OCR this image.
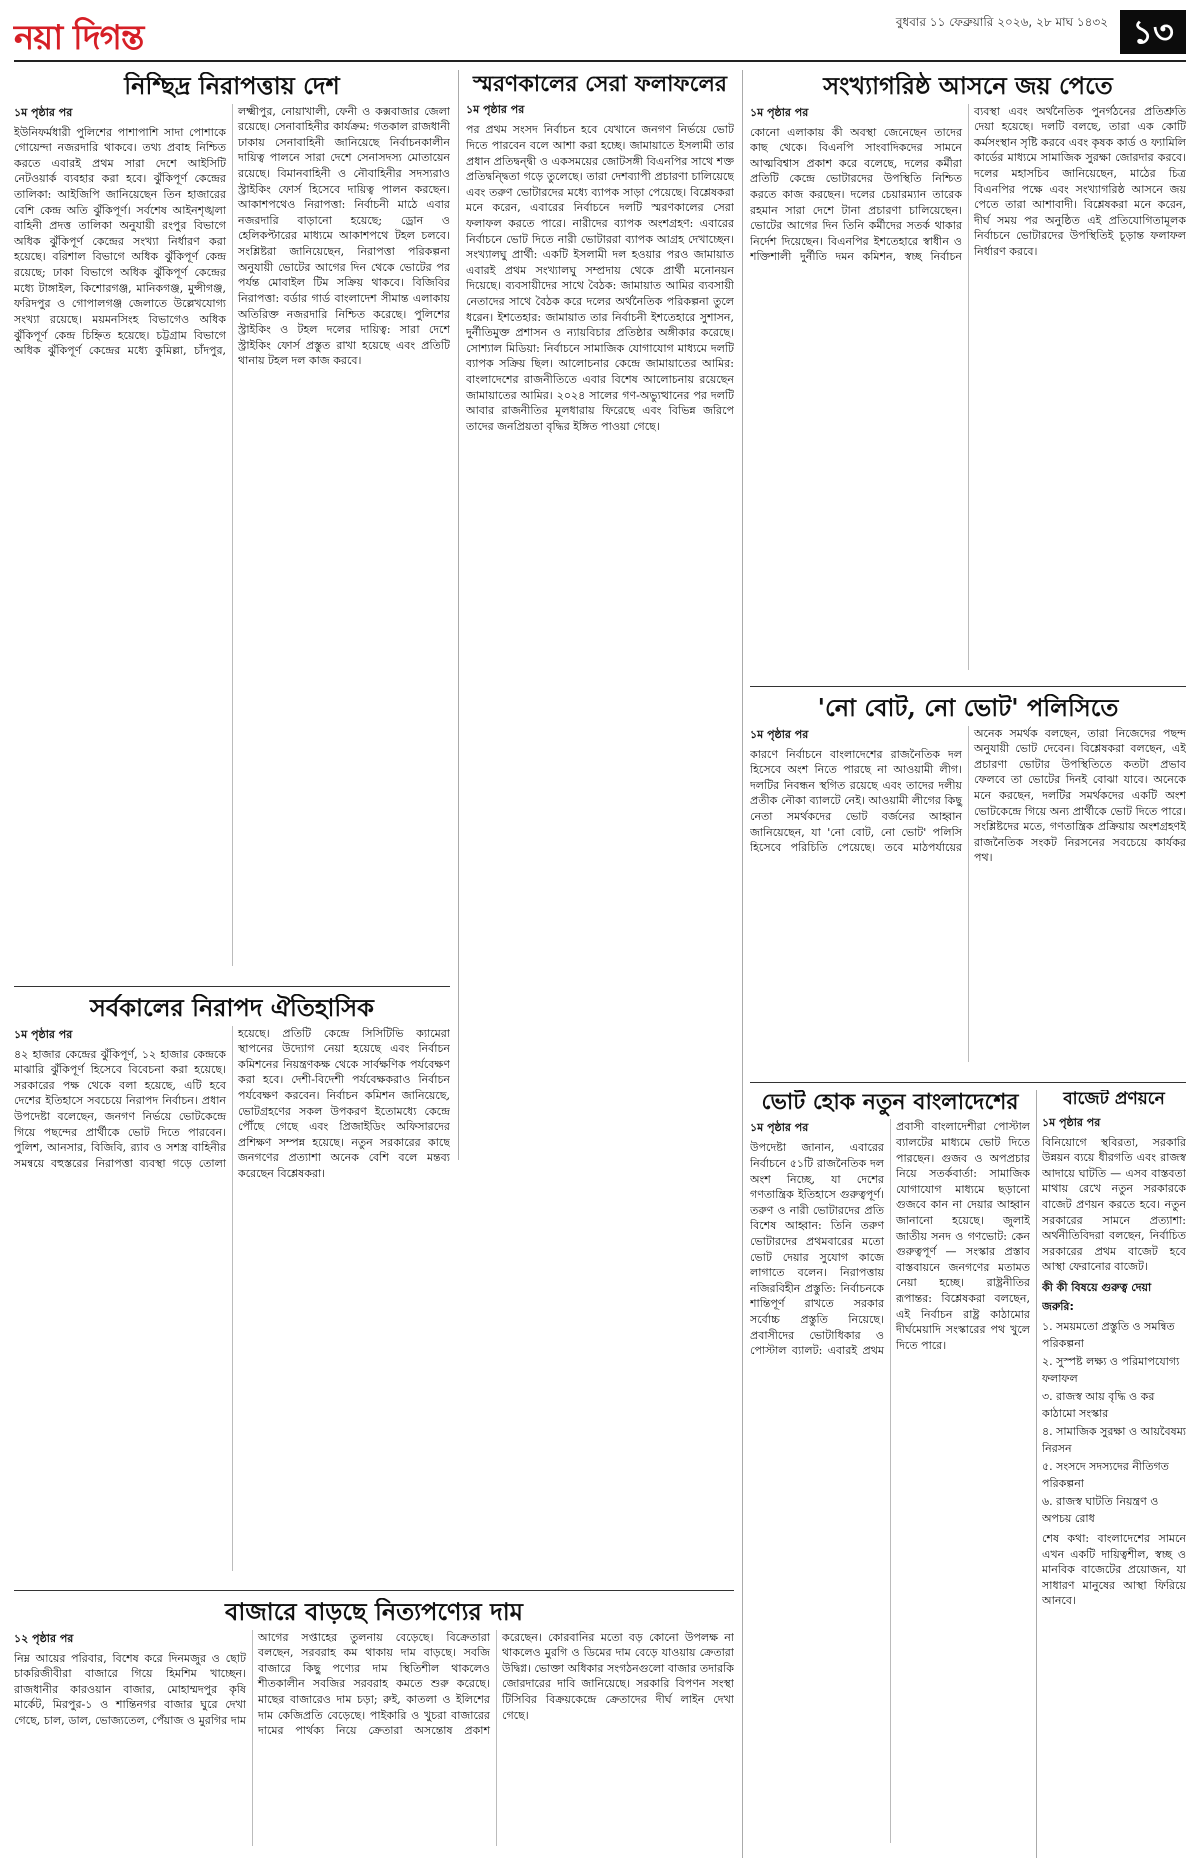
নয়া দিগন্ত	বুধবার ১১ ফেব্রুয়ারি ২০২৬, ২৮ মাঘ ১৪৩২ ১৩
নিশ্ছিদ্র নিরাপত্তায় দেশ
১ম পৃষ্ঠার পর
ইউনিফর্মধারী পুলিশের পাশাপাশি সাদা পোশাকে গোয়েন্দা নজরদারি থাকবে। তথ্য প্রবাহ নিশ্চিত করতে এবারই প্রথম সারা দেশে আইসিটি নেটওয়ার্ক ব্যবহার করা হবে। ঝুঁকিপূর্ণ কেন্দ্রের তালিকা: আইজিপি জানিয়েছেন তিন হাজারের বেশি কেন্দ্র অতি ঝুঁকিপূর্ণ। সর্বশেষ আইনশৃঙ্খলা বাহিনী প্রদত্ত তালিকা অনুযায়ী রংপুর বিভাগে অধিক ঝুঁকিপূর্ণ কেন্দ্রের সংখ্যা নির্ধারণ করা হয়েছে। বরিশাল বিভাগে অধিক ঝুঁকিপূর্ণ কেন্দ্র রয়েছে; ঢাকা বিভাগে অধিক ঝুঁকিপূর্ণ কেন্দ্রের মধ্যে টাঙ্গাইল, কিশোরগঞ্জ, মানিকগঞ্জ, মুন্সীগঞ্জ, ফরিদপুর ও গোপালগঞ্জ জেলাতে উল্লেখযোগ্য সংখ্যা রয়েছে। ময়মনসিংহ বিভাগেও অধিক ঝুঁকিপূর্ণ কেন্দ্র চিহ্নিত হয়েছে। চট্টগ্রাম বিভাগে অধিক ঝুঁকিপূর্ণ কেন্দ্রের মধ্যে কুমিল্লা, চাঁদপুর, লক্ষ্মীপুর, নোয়াখালী, ফেনী ও কক্সবাজার জেলা রয়েছে। সেনাবাহিনীর কার্যক্রম: গতকাল রাজধানী ঢাকায় সেনাবাহিনী জানিয়েছে নির্বাচনকালীন দায়িত্ব পালনে সারা দেশে সেনাসদস্য মোতায়েন রয়েছে। বিমানবাহিনী ও নৌবাহিনীর সদস্যরাও স্ট্রাইকিং ফোর্স হিসেবে দায়িত্ব পালন করছেন। আকাশপথেও নিরাপত্তা: নির্বাচনী মাঠে এবার নজরদারি বাড়ানো হয়েছে; ড্রোন ও হেলিকপ্টারের মাধ্যমে আকাশপথে টহল চলবে। সংশ্লিষ্টরা জানিয়েছেন, নিরাপত্তা পরিকল্পনা অনুযায়ী ভোটের আগের দিন থেকে ভোটের পর পর্যন্ত মোবাইল টিম সক্রিয় থাকবে। বিজিবির নিরাপত্তা: বর্ডার গার্ড বাংলাদেশ সীমান্ত এলাকায় অতিরিক্ত নজরদারি নিশ্চিত করেছে। পুলিশের স্ট্রাইকিং ও টহল দলের দায়িত্ব: সারা দেশে স্ট্রাইকিং ফোর্স প্রস্তুত রাখা হয়েছে এবং প্রতিটি থানায় টহল দল কাজ করবে।
সর্বকালের নিরাপদ ঐতিহাসিক
১ম পৃষ্ঠার পর
৪২ হাজার কেন্দ্রের ঝুঁকিপূর্ণ, ১২ হাজার কেন্দ্রকে মাঝারি ঝুঁকিপূর্ণ হিসেবে বিবেচনা করা হয়েছে। সরকারের পক্ষ থেকে বলা হয়েছে, এটি হবে দেশের ইতিহাসে সবচেয়ে নিরাপদ নির্বাচন। প্রধান উপদেষ্টা বলেছেন, জনগণ নির্ভয়ে ভোটকেন্দ্রে গিয়ে পছন্দের প্রার্থীকে ভোট দিতে পারবেন। পুলিশ, আনসার, বিজিবি, র‍্যাব ও সশস্ত্র বাহিনীর সমন্বয়ে বহুস্তরের নিরাপত্তা ব্যবস্থা গড়ে তোলা হয়েছে। প্রতিটি কেন্দ্রে সিসিটিভি ক্যামেরা স্থাপনের উদ্যোগ নেয়া হয়েছে এবং নির্বাচন কমিশনের নিয়ন্ত্রণকক্ষ থেকে সার্বক্ষণিক পর্যবেক্ষণ করা হবে। দেশী-বিদেশী পর্যবেক্ষকরাও নির্বাচন পর্যবেক্ষণ করবেন। নির্বাচন কমিশন জানিয়েছে, ভোটগ্রহণের সকল উপকরণ ইতোমধ্যে কেন্দ্রে পৌঁছে গেছে এবং প্রিজাইডিং অফিসারদের প্রশিক্ষণ সম্পন্ন হয়েছে। নতুন সরকারের কাছে জনগণের প্রত্যাশা অনেক বেশি বলে মন্তব্য করেছেন বিশ্লেষকরা।
স্মরণকালের সেরা ফলাফলের
১ম পৃষ্ঠার পর
পর প্রথম সংসদ নির্বাচন হবে যেখানে জনগণ নির্ভয়ে ভোট দিতে পারবেন বলে আশা করা হচ্ছে। জামায়াতে ইসলামী তার প্রধান প্রতিদ্বন্দ্বী ও একসময়ের জোটসঙ্গী বিএনপির সাথে শক্ত প্রতিদ্বন্দ্বিতা গড়ে তুলেছে। তারা দেশব্যাপী প্রচারণা চালিয়েছে এবং তরুণ ভোটারদের মধ্যে ব্যাপক সাড়া পেয়েছে। বিশ্লেষকরা মনে করেন, এবারের নির্বাচনে দলটি স্মরণকালের সেরা ফলাফল করতে পারে। নারীদের ব্যাপক অংশগ্রহণ: এবারের নির্বাচনে ভোট দিতে নারী ভোটাররা ব্যাপক আগ্রহ দেখাচ্ছেন। সংখ্যালঘু প্রার্থী: একটি ইসলামী দল হওয়ার পরও জামায়াত এবারই প্রথম সংখ্যালঘু সম্প্রদায় থেকে প্রার্থী মনোনয়ন দিয়েছে। ব্যবসায়ীদের সাথে বৈঠক: জামায়াত আমির ব্যবসায়ী নেতাদের সাথে বৈঠক করে দলের অর্থনৈতিক পরিকল্পনা তুলে ধরেন। ইশতেহার: জামায়াত তার নির্বাচনী ইশতেহারে সুশাসন, দুর্নীতিমুক্ত প্রশাসন ও ন্যায়বিচার প্রতিষ্ঠার অঙ্গীকার করেছে। সোশ্যাল মিডিয়া: নির্বাচনে সামাজিক যোগাযোগ মাধ্যমে দলটি ব্যাপক সক্রিয় ছিল। আলোচনার কেন্দ্রে জামায়াতের আমির: বাংলাদেশের রাজনীতিতে এবার বিশেষ আলোচনায় রয়েছেন জামায়াতের আমির। ২০২৪ সালের গণ-অভ্যুত্থানের পর দলটি আবার রাজনীতির মূলধারায় ফিরেছে এবং বিভিন্ন জরিপে তাদের জনপ্রিয়তা বৃদ্ধির ইঙ্গিত পাওয়া গেছে।
সংখ্যাগরিষ্ঠ আসনে জয় পেতে
১ম পৃষ্ঠার পর
কোনো এলাকায় কী অবস্থা জেনেছেন তাদের কাছ থেকে। বিএনপি সাংবাদিকদের সামনে আত্মবিশ্বাস প্রকাশ করে বলেছে, দলের কর্মীরা প্রতিটি কেন্দ্রে ভোটারদের উপস্থিতি নিশ্চিত করতে কাজ করছেন। দলের চেয়ারম্যান তারেক রহমান সারা দেশে টানা প্রচারণা চালিয়েছেন। ভোটের আগের দিন তিনি কর্মীদের সতর্ক থাকার নির্দেশ দিয়েছেন। বিএনপির ইশতেহারে স্বাধীন ও শক্তিশালী দুর্নীতি দমন কমিশন, স্বচ্ছ নির্বাচন ব্যবস্থা এবং অর্থনৈতিক পুনর্গঠনের প্রতিশ্রুতি দেয়া হয়েছে। দলটি বলছে, তারা এক কোটি কর্মসংস্থান সৃষ্টি করবে এবং কৃষক কার্ড ও ফ্যামিলি কার্ডের মাধ্যমে সামাজিক সুরক্ষা জোরদার করবে। দলের মহাসচিব জানিয়েছেন, মাঠের চিত্র বিএনপির পক্ষে এবং সংখ্যাগরিষ্ঠ আসনে জয় পেতে তারা আশাবাদী। বিশ্লেষকরা মনে করেন, দীর্ঘ সময় পর অনুষ্ঠিত এই প্রতিযোগিতামূলক নির্বাচনে ভোটারদের উপস্থিতিই চূড়ান্ত ফলাফল নির্ধারণ করবে।
'নো বোট, নো ভোট' পলিসিতে
১ম পৃষ্ঠার পর
কারণে নির্বাচনে বাংলাদেশের রাজনৈতিক দল হিসেবে অংশ নিতে পারছে না আওয়ামী লীগ। দলটির নিবন্ধন স্থগিত রয়েছে এবং তাদের দলীয় প্রতীক নৌকা ব্যালটে নেই। আওয়ামী লীগের কিছু নেতা সমর্থকদের ভোট বর্জনের আহ্বান জানিয়েছেন, যা 'নো বোট, নো ভোট' পলিসি হিসেবে পরিচিতি পেয়েছে। তবে মাঠপর্যায়ের অনেক সমর্থক বলছেন, তারা নিজেদের পছন্দ অনুযায়ী ভোট দেবেন। বিশ্লেষকরা বলছেন, এই প্রচারণা ভোটার উপস্থিতিতে কতটা প্রভাব ফেলবে তা ভোটের দিনই বোঝা যাবে। অনেকে মনে করছেন, দলটির সমর্থকদের একটি অংশ ভোটকেন্দ্রে গিয়ে অন্য প্রার্থীকে ভোট দিতে পারে। সংশ্লিষ্টদের মতে, গণতান্ত্রিক প্রক্রিয়ায় অংশগ্রহণই রাজনৈতিক সংকট নিরসনের সবচেয়ে কার্যকর পথ।
ভোট হোক নতুন বাংলাদেশের
১ম পৃষ্ঠার পর
উপদেষ্টা জানান, এবারের নির্বাচনে ৫১টি রাজনৈতিক দল অংশ নিচ্ছে, যা দেশের গণতান্ত্রিক ইতিহাসে গুরুত্বপূর্ণ। তরুণ ও নারী ভোটারদের প্রতি বিশেষ আহ্বান: তিনি তরুণ ভোটারদের প্রথমবারের মতো ভোট দেয়ার সুযোগ কাজে লাগাতে বলেন। নিরাপত্তায় নজিরবিহীন প্রস্তুতি: নির্বাচনকে শান্তিপূর্ণ রাখতে সরকার সর্বোচ্চ প্রস্তুতি নিয়েছে। প্রবাসীদের ভোটাধিকার ও পোস্টাল ব্যালট: এবারই প্রথম প্রবাসী বাংলাদেশীরা পোস্টাল ব্যালটের মাধ্যমে ভোট দিতে পারছেন। গুজব ও অপপ্রচার নিয়ে সতর্কবার্তা: সামাজিক যোগাযোগ মাধ্যমে ছড়ানো গুজবে কান না দেয়ার আহ্বান জানানো হয়েছে। জুলাই জাতীয় সনদ ও গণভোট: কেন গুরুত্বপূর্ণ — সংস্কার প্রস্তাব বাস্তবায়নে জনগণের মতামত নেয়া হচ্ছে। রাষ্ট্রনীতির রূপান্তর: বিশ্লেষকরা বলছেন, এই নির্বাচন রাষ্ট্র কাঠামোর দীর্ঘমেয়াদি সংস্কারের পথ খুলে দিতে পারে।
বাজেট প্রণয়নে
১ম পৃষ্ঠার পর
বিনিয়োগে স্থবিরতা, সরকারি উন্নয়ন ব্যয়ে ধীরগতি এবং রাজস্ব আদায়ে ঘাটতি — এসব বাস্তবতা মাথায় রেখে নতুন সরকারকে বাজেট প্রণয়ন করতে হবে। নতুন সরকারের সামনে প্রত্যাশা: অর্থনীতিবিদরা বলছেন, নির্বাচিত সরকারের প্রথম বাজেট হবে আস্থা ফেরানোর বাজেট।
কী কী বিষয়ে গুরুত্ব দেয়া জরুরি:
১. সময়মতো প্রস্তুতি ও সমন্বিত পরিকল্পনা
২. সুস্পষ্ট লক্ষ্য ও পরিমাপযোগ্য ফলাফল
৩. রাজস্ব আয় বৃদ্ধি ও কর কাঠামো সংস্কার
৪. সামাজিক সুরক্ষা ও আয়বৈষম্য নিরসন
৫. সংসদে সদস্যদের নীতিগত পরিকল্পনা
৬. রাজস্ব ঘাটতি নিয়ন্ত্রণ ও অপচয় রোধ
শেষ কথা: বাংলাদেশের সামনে এখন একটি দায়িত্বশীল, স্বচ্ছ ও মানবিক বাজেটের প্রয়োজন, যা সাধারণ মানুষের আস্থা ফিরিয়ে আনবে।
বাজারে বাড়ছে নিত্যপণ্যের দাম
১২ পৃষ্ঠার পর
নিম্ন আয়ের পরিবার, বিশেষ করে দিনমজুর ও ছোট চাকরিজীবীরা বাজারে গিয়ে হিমশিম খাচ্ছেন। রাজধানীর কারওয়ান বাজার, মোহাম্মদপুর কৃষি মার্কেট, মিরপুর-১ ও শান্তিনগর বাজার ঘুরে দেখা গেছে, চাল, ডাল, ভোজ্যতেল, পেঁয়াজ ও মুরগির দাম আগের সপ্তাহের তুলনায় বেড়েছে। বিক্রেতারা বলছেন, সরবরাহ কম থাকায় দাম বাড়ছে। সবজি বাজারে কিছু পণ্যের দাম স্থিতিশীল থাকলেও শীতকালীন সবজির সরবরাহ কমতে শুরু করেছে। মাছের বাজারেও দাম চড়া; রুই, কাতলা ও ইলিশের দাম কেজিপ্রতি বেড়েছে। পাইকারি ও খুচরা বাজারের দামের পার্থক্য নিয়ে ক্রেতারা অসন্তোষ প্রকাশ করেছেন। কোরবানির মতো বড় কোনো উপলক্ষ না থাকলেও মুরগি ও ডিমের দাম বেড়ে যাওয়ায় ক্রেতারা উদ্বিগ্ন। ভোক্তা অধিকার সংগঠনগুলো বাজার তদারকি জোরদারের দাবি জানিয়েছে। সরকারি বিপণন সংস্থা টিসিবির বিক্রয়কেন্দ্রে ক্রেতাদের দীর্ঘ লাইন দেখা গেছে।
